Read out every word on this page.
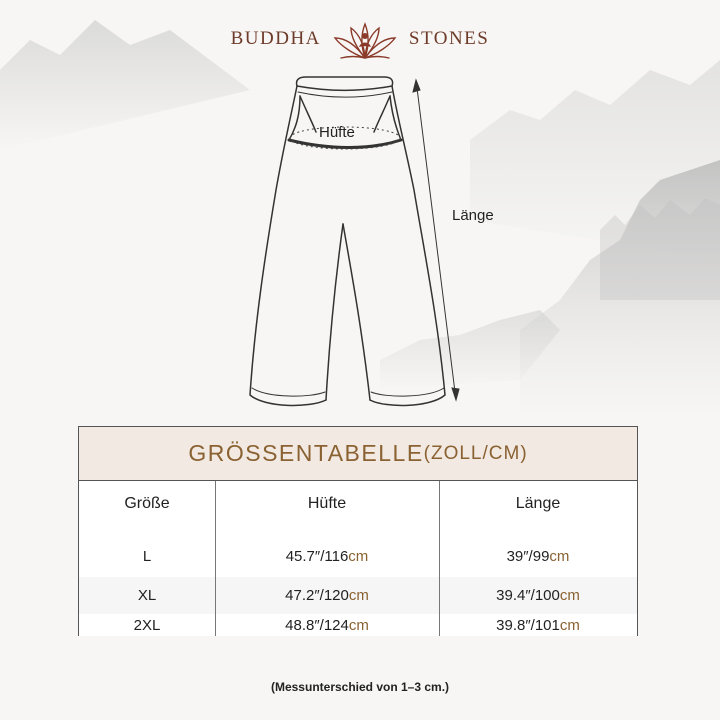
BUDDHA	STONES
Hüfte
Länge
GRÖSSENTABELLE (ZOLL/CM)
Größe	Hüfte	Länge
L	45.7″/116 cm	39″/99 cm
XL	47.2″/120 cm	39.4″/100 cm
2XL	48.8″/124 cm	39.8″/101 cm
(Messunterschied von 1–3 cm.)
